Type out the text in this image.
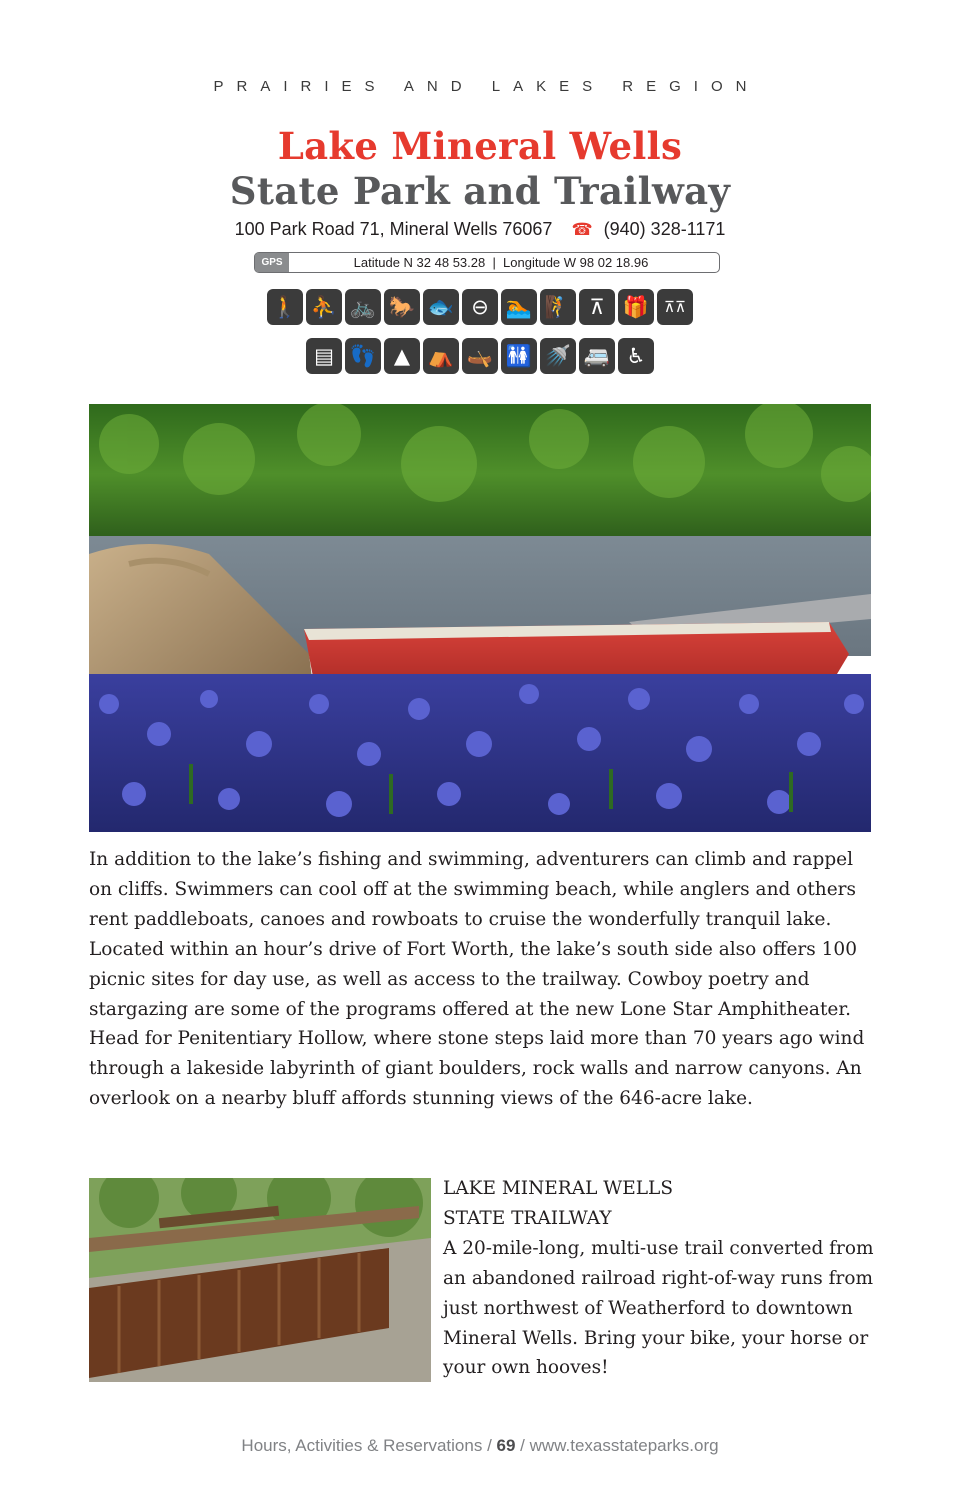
PRAIRIES AND LAKES REGION
Lake Mineral Wells
State Park and Trailway
100 Park Road 71, Mineral Wells 76067 ☎ (940) 328-1171
GPS	Latitude N 32 48 53.28  |  Longitude W 98 02 18.96
🚶 ⛹ 🚲 🐎 🐟 ⊖ 🏊 🧗 ⊼ 🎁 ⊼⊼
▤ 👣 ▲ ⛺ 🛶 🚻 🚿 🚐 ♿
In addition to the lake’s fishing and swimming, adventurers can climb and rappel on cliffs. Swimmers can cool off at the swimming beach, while anglers and others rent paddleboats, canoes and rowboats to cruise the wonderfully tranquil lake. Located within an hour’s drive of Fort Worth, the lake’s south side also offers 100 picnic sites for day use, as well as access to the trailway. Cowboy poetry and stargazing are some of the programs offered at the new Lone Star Amphitheater. Head for Penitentiary Hollow, where stone steps laid more than 70 years ago wind through a lakeside labyrinth of giant boulders, rock walls and narrow canyons. An overlook on a nearby bluff affords stunning views of the 646-acre lake.
LAKE MINERAL WELLS
STATE TRAILWAY
A 20-mile-long, multi-use trail converted from an abandoned railroad right-of-way runs from just northwest of Weatherford to downtown Mineral Wells. Bring your bike, your horse or your own hooves!
Hours, Activities & Reservations / 69 / www.texasstateparks.org
